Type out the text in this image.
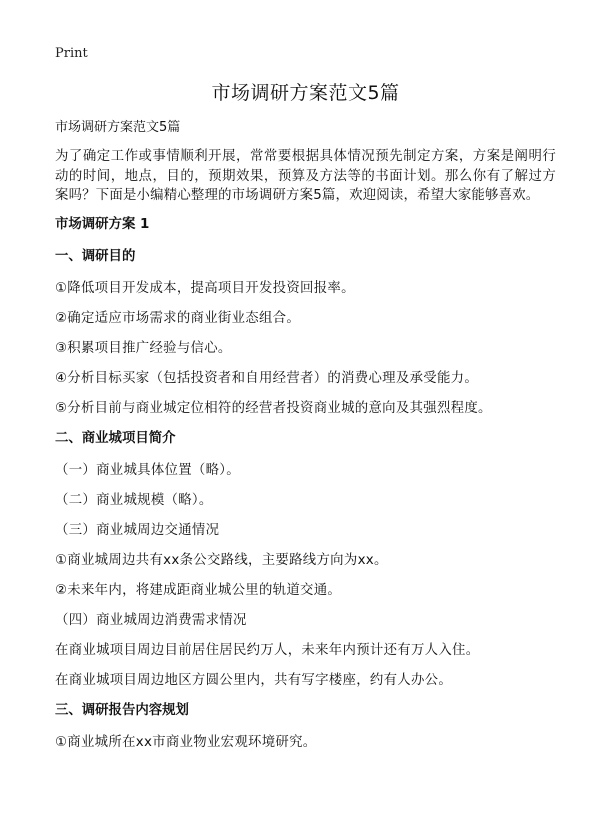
Print
市场调研方案范文5篇

市场调研方案范文5篇

为了确定工作或事情顺利开展，常常要根据具体情况预先制定方案，方案是阐明行动的时间，地点，目的，预期效果，预算及方法等的书面计划。那么你有了解过方案吗？下面是小编精心整理的市场调研方案5篇，欢迎阅读，希望大家能够喜欢。

市场调研方案 1

一、调研目的

①降低项目开发成本，提高项目开发投资回报率。

②确定适应市场需求的商业街业态组合。

③积累项目推广经验与信心。

④分析目标买家（包括投资者和自用经营者）的消费心理及承受能力。

⑤分析目前与商业城定位相符的经营者投资商业城的意向及其强烈程度。

二、商业城项目简介

（一）商业城具体位置（略）。

（二）商业城规模（略）。

（三）商业城周边交通情况

①商业城周边共有xx条公交路线，主要路线方向为xx。

②未来年内，将建成距商业城公里的轨道交通。

（四）商业城周边消费需求情况

在商业城项目周边目前居住居民约万人，未来年内预计还有万人入住。

在商业城项目周边地区方圆公里内，共有写字楼座，约有人办公。

三、调研报告内容规划

①商业城所在xx市商业物业宏观环境研究。
